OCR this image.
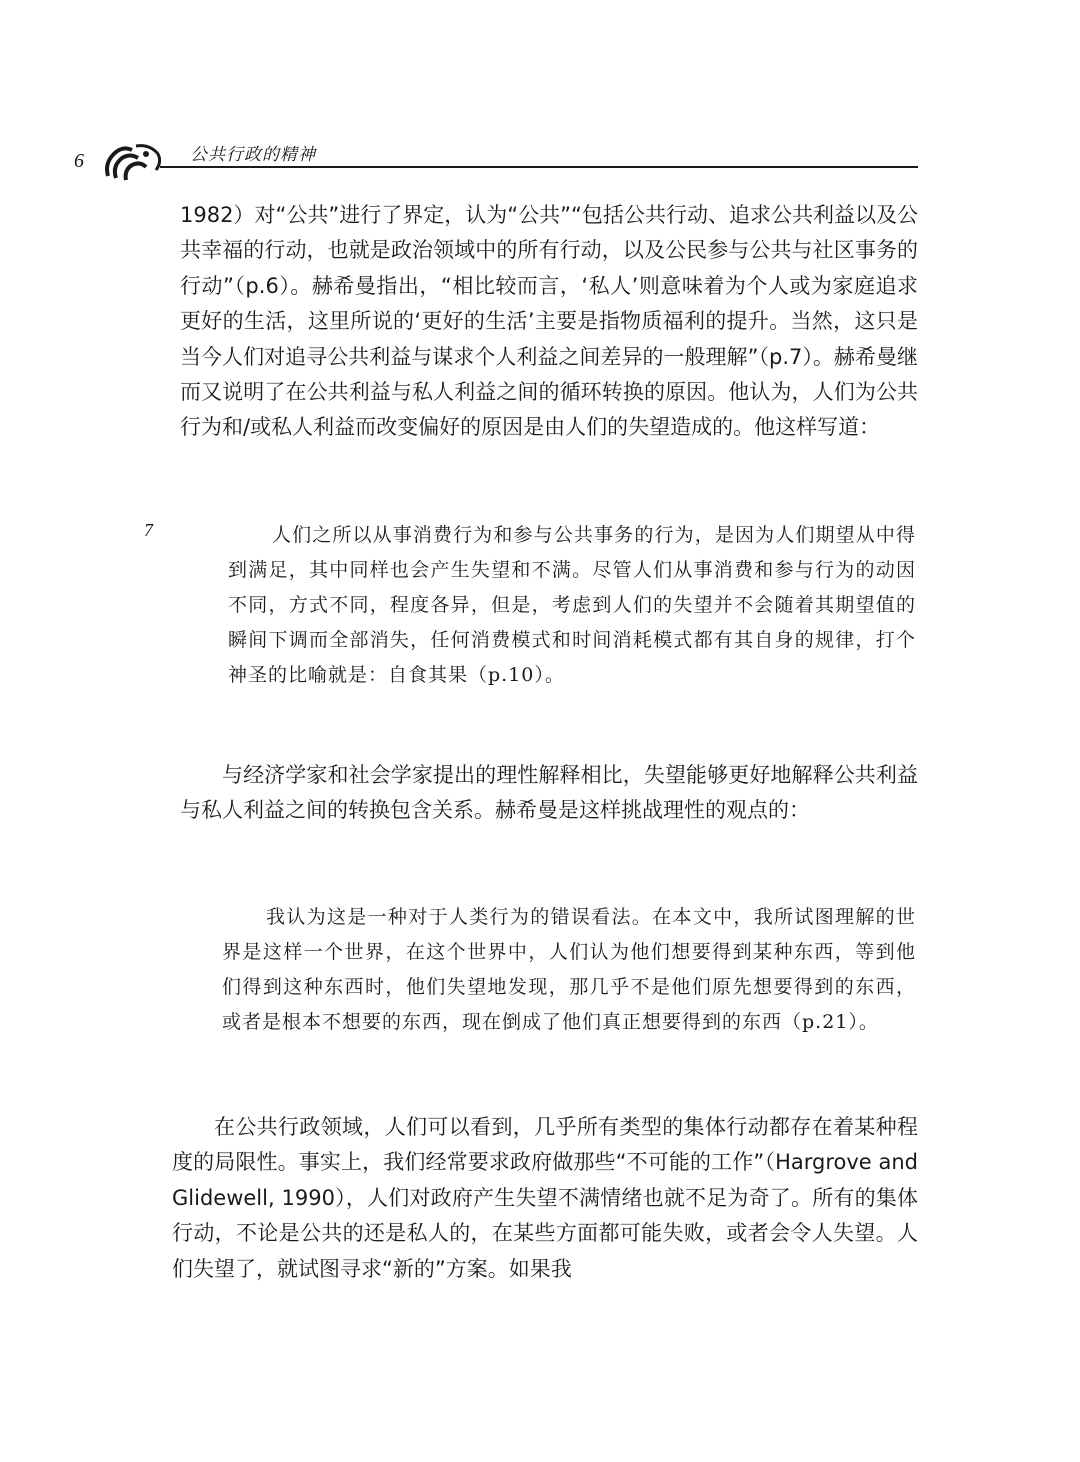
6	公共行政的精神

1982）对“公共”进行了界定，认为“公共”“包括公共行动、追求公共利益以及公共幸福的行动，也就是政治领域中的所有行动，以及公民参与公共与社区事务的行动”（p.6）。赫希曼指出，“相比较而言，‘私人’则意味着为个人或为家庭追求更好的生活，这里所说的‘更好的生活’主要是指物质福利的提升。当然，这只是当今人们对追寻公共利益与谋求个人利益之间差异的一般理解”（p.7）。赫希曼继而又说明了在公共利益与私人利益之间的循环转换的原因。他认为，人们为公共行为和/或私人利益而改变偏好的原因是由人们的失望造成的。他这样写道：

7	人们之所以从事消费行为和参与公共事务的行为，是因为人们期望从中得到满足，其中同样也会产生失望和不满。尽管人们从事消费和参与行为的动因不同，方式不同，程度各异，但是，考虑到人们的失望并不会随着其期望值的瞬间下调而全部消失，任何消费模式和时间消耗模式都有其自身的规律，打个神圣的比喻就是：自食其果（p.10）。

与经济学家和社会学家提出的理性解释相比，失望能够更好地解释公共利益与私人利益之间的转换包含关系。赫希曼是这样挑战理性的观点的：

我认为这是一种对于人类行为的错误看法。在本文中，我所试图理解的世界是这样一个世界，在这个世界中，人们认为他们想要得到某种东西，等到他们得到这种东西时，他们失望地发现，那几乎不是他们原先想要得到的东西，或者是根本不想要的东西，现在倒成了他们真正想要得到的东西（p.21）。

在公共行政领域，人们可以看到，几乎所有类型的集体行动都存在着某种程度的局限性。事实上，我们经常要求政府做那些“不可能的工作”（Hargrove and Glidewell, 1990），人们对政府产生失望不满情绪也就不足为奇了。所有的集体行动，不论是公共的还是私人的，在某些方面都可能失败，或者会令人失望。人们失望了，就试图寻求“新的”方案。如果我
